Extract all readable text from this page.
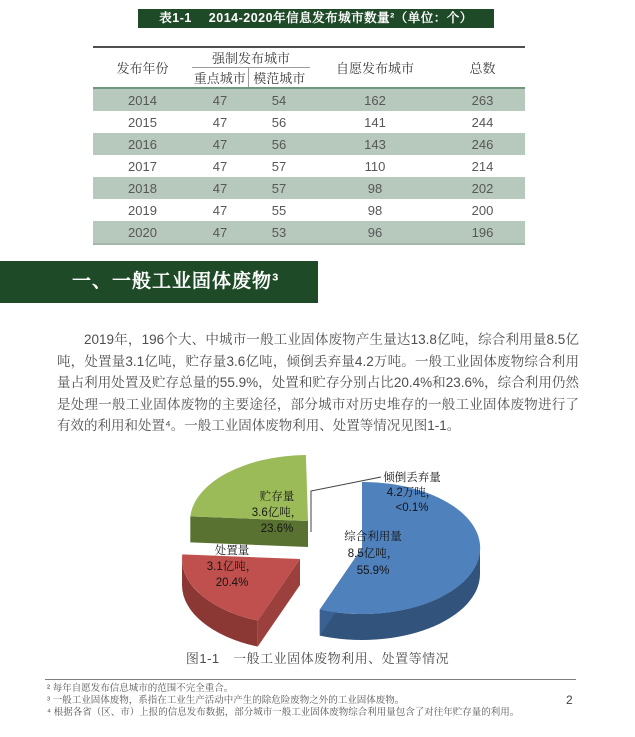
表1-1　 2014-2020年信息发布城市数量²（单位：个）
发布年份	强制发布城市		自愿发布城市	总数
	重点城市	模范城市		
2014	47	54	162	263
2015	47	56	141	244
2016	47	56	143	246
2017	47	57	110	214
2018	47	57	98	202
2019	47	55	98	200
2020	47	53	96	196
一、一般工业固体废物³
2019年，196个大、中城市一般工业固体废物产生量达13.8亿吨，综合利用量8.5亿吨，处置量3.1亿吨，贮存量3.6亿吨，倾倒丢弃量4.2万吨。一般工业固体废物综合利用量占利用处置及贮存总量的55.9%，处置和贮存分别占比20.4%和23.6%，综合利用仍然是处理一般工业固体废物的主要途径，部分城市对历史堆存的一般工业固体废物进行了有效的利用和处置⁴。一般工业固体废物利用、处置等情况见图1-1。
倾倒丢弃量
4.2万吨，
<0.1%
贮存量
3.6亿吨，
23.6%
处置量
3.1亿吨，
20.4%
综合利用量
8.5亿吨，
55.9%
图1-1　一般工业固体废物利用、处置等情况
² 每年自愿发布信息城市的范围不完全重合。
³ 一般工业固体废物，系指在工业生产活动中产生的除危险废物之外的工业固体废物。
⁴ 根据各省（区、市）上报的信息发布数据，部分城市一般工业固体废物综合利用量包含了对往年贮存量的利用。
2
